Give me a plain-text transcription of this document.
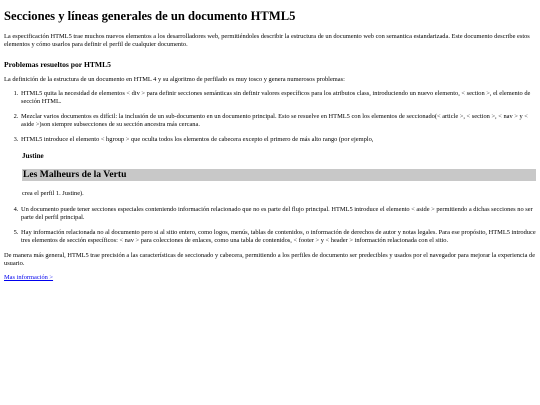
Secciones y líneas generales de un documento HTML5

La especificación HTML5 trae muchos nuevos elementos a los desarrolladores web, permitiéndoles describir la estructura de un documento web con semantica estandarizada. Este documento describe estos elementos y cómo usarlos para definir el perfil de cualquier documento.

Problemas resueltos por HTML5

La definición de la estructura de un documento en HTML 4 y su algoritmo de perfilado es muy tosco y genera numerosos problemas:

1. HTML5 quita la necesidad de elementos < div > para definir secciones semánticas sin definir valores específicos para los atributos class, introduciendo un nuevo elemento, < section >, el elemento de sección HTML.
2. Mezclar varios documentos es difícil: la inclusión de un sub-documento en un documento principal. Esto se resuelve en HTML5 con los elementos de seccionado(< article >, < section >, < nav > y < aside >)son siempre subsecciones de su sección ancestra más cercana.
3. HTML5 introduce el elemento < hgroup > que oculta todos los elementos de cabecera excepto el primero de más alto rango (por ejemplo,
Justine
Les Malheurs de la Vertu
crea el perfil 1. Justine).
4. Un documento puede tener secciones especiales conteniendo información relacionado que no es parte del flujo principal. HTML5 introduce el elemento < aside > permitiendo a dichas secciones no ser parte del perfil principal.
5. Hay información relacionada no al documento pero si al sitio entero, como logos, menús, tablas de contenidos, o información de derechos de autor y notas legales. Para ese propósito, HTML5 introduce tres elementos de sección específicos: < nav > para colecciones de enlaces, como una tabla de contenidos, < footer > y < header > información relacionada con el sitio.

De manera más general, HTML5 trae precisión a las características de seccionado y cabecera, permitiendo a los perfiles de documento ser predecibles y usados por el navegador para mejorar la experiencia de usuario.

Mas información >
